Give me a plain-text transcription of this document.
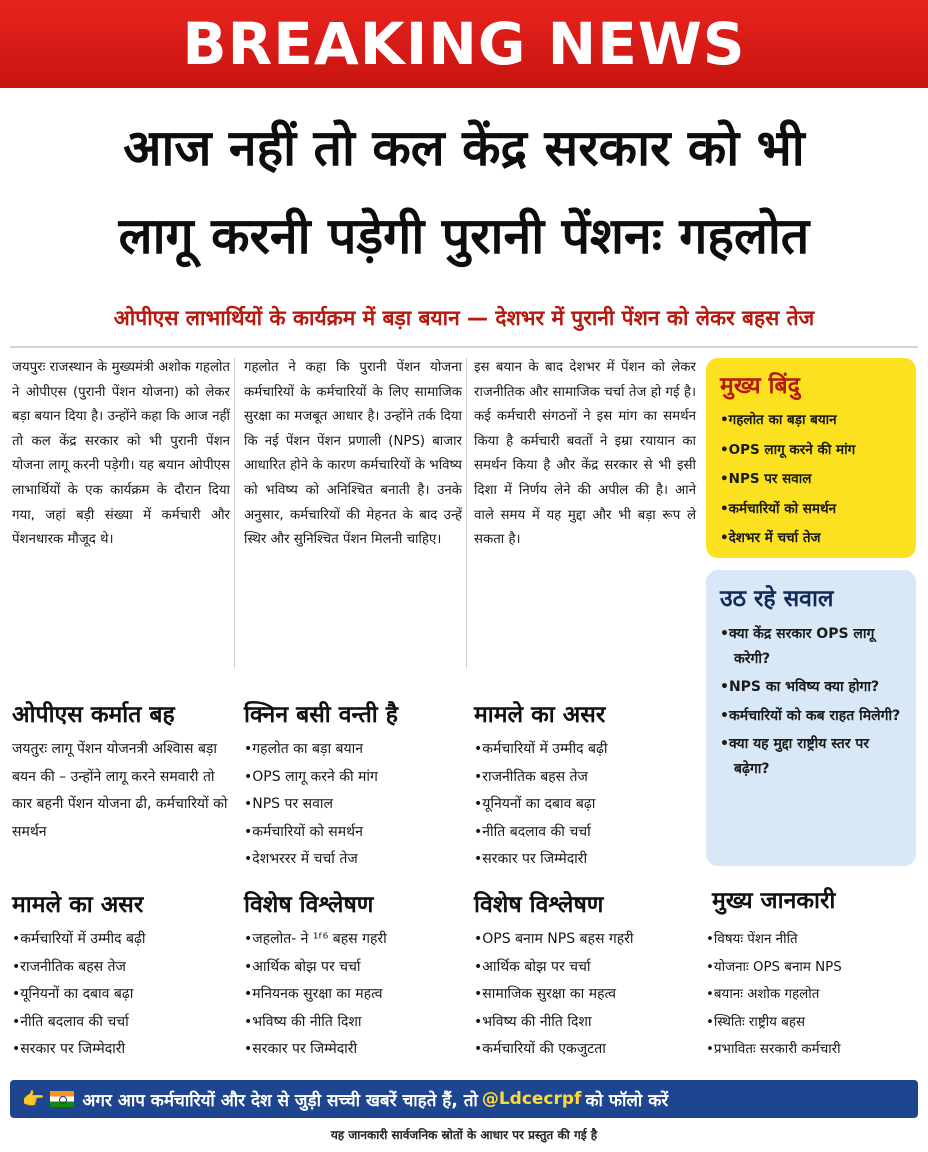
BREAKING NEWS
आज नहीं तो कल केंद्र सरकार को भी
लागू करनी पड़ेगी पुरानी पेंशनः गहलोत
ओपीएस लाभार्थियों के कार्यक्रम में बड़ा बयान — देशभर में पुरानी पेंशन को लेकर बहस तेज
जयपुरः राजस्थान के मुख्यमंत्री अशोक गहलोत ने ओपीएस (पुरानी पेंशन योजना) को लेकर बड़ा बयान दिया है। उन्होंने कहा कि आज नहीं तो कल केंद्र सरकार को भी पुरानी पेंशन योजना लागू करनी पड़ेगी। यह बयान ओपीएस लाभार्थियों के एक कार्यक्रम के दौरान दिया गया, जहां बड़ी संख्या में कर्मचारी और पेंशनधारक मौजूद थे।
गहलोत ने कहा कि पुरानी पेंशन योजना कर्मचारियों के कर्मचारियों के लिए सामाजिक सुरक्षा का मजबूत आधार है। उन्होंने तर्क दिया कि नई पेंशन पेंशन प्रणाली (NPS) बाजार आधारित होने के कारण कर्मचारियों के भविष्य को भविष्य को अनिश्चित बनाती है। उनके अनुसार, कर्मचारियों की मेहनत के बाद उन्हें स्थिर और सुनिश्चित पेंशन मिलनी चाहिए।
इस बयान के बाद देशभर में पेंशन को लेकर राजनीतिक और सामाजिक चर्चा तेज हो गई है। कई कर्मचारी संगठनों ने इस मांग का समर्थन किया है कर्मचारी बवतों ने इम्रा रयायान का समर्थन किया है और केंद्र सरकार से भी इसी दिशा में निर्णय लेने की अपील की है। आने वाले समय में यह मुद्दा और भी बड़ा रूप ले सकता है।
मुख्य बिंदु
• गहलोत का बड़ा बयान
• OPS लागू करने की मांग
• NPS पर सवाल
• कर्मचारियों को समर्थन
• देशभर में चर्चा तेज
उठ रहे सवाल
• क्या केंद्र सरकार OPS लागू करेगी?
• NPS का भविष्य क्या होगा?
• कर्मचारियों को कब राहत मिलेगी?
• क्या यह मुद्दा राष्ट्रीय स्तर पर बढ़ेगा?
ओपीएस कर्मात बह
जयतुरः लागू पेंशन योजनत्री अश्विास बड़ा बयन की – उन्होंने लागू करने समवारी तो कार बहनी पेंशन योजना ढी, कर्मचारियों को समर्थन
क्निन बसी वन्ती है
• गहलोत का बड़ा बयान
• OPS लागू करने की मांग
• NPS पर सवाल
• कर्मचारियों को समर्थन
• देशभररर में चर्चा तेज
मामले का असर
• कर्मचारियों में उम्मीद बढ़ी
• राजनीतिक बहस तेज
• यूनियनों का दबाव बढ़ा
• नीति बदलाव की चर्चा
• सरकार पर जिम्मेदारी
मामले का असर
• कर्मचारियों में उम्मीद बढ़ी
• राजनीतिक बहस तेज
• यूनियनों का दबाव बढ़ा
• नीति बदलाव की चर्चा
• सरकार पर जिम्मेदारी
विशेष विश्लेषण
• जहलोत- ने ¹ᶠ⁶ बहस गहरी
• आर्थिक बोझ पर चर्चा
• मनियनक सुरक्षा का महत्व
• भविष्य की नीति दिशा
• सरकार पर जिम्मेदारी
विशेष विश्लेषण
• OPS बनाम NPS बहस गहरी
• आर्थिक बोझ पर चर्चा
• सामाजिक सुरक्षा का महत्व
• भविष्य की नीति दिशा
• कर्मचारियों की एकजुटता
मुख्य जानकारी
• विषयः पेंशन नीति
• योजनाः OPS बनाम NPS
• बयानः अशोक गहलोत
• स्थितिः राष्ट्रीय बहस
• प्रभावितः सरकारी कर्मचारी
👉 अगर आप कर्मचारियों और देश से जुड़ी सच्ची खबरें चाहते हैं, तो @Ldcecrpf को फॉलो करें
यह जानकारी सार्वजनिक स्रोतों के आधार पर प्रस्तुत की गई है
